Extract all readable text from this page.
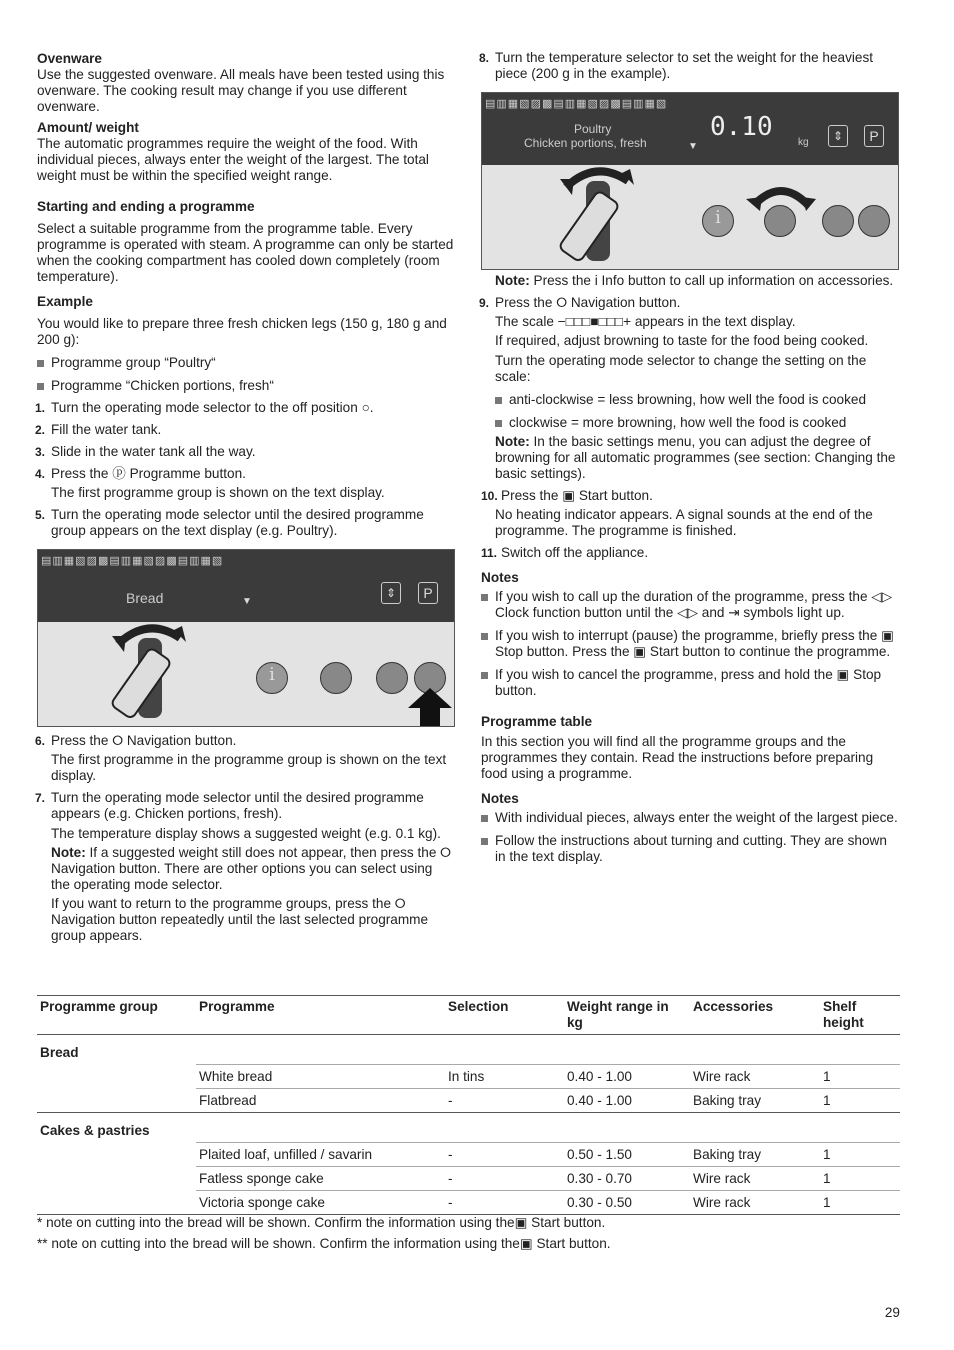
Ovenware

Use the suggested ovenware. All meals have been tested using this ovenware. The cooking result may change if you use different ovenware.

Amount/ weight

The automatic programmes require the weight of the food. With individual pieces, always enter the weight of the largest. The total weight must be within the specified weight range.

Starting and ending a programme

Select a suitable programme from the programme table. Every programme is operated with steam. A programme can only be started when the cooking compartment has cooled down completely (room temperature).

Example

You would like to prepare three fresh chicken legs (150 g, 180 g and 200 g):

Programme group “Poultry“
Programme “Chicken portions, fresh“
1. Turn the operating mode selector to the off position ○.
2. Fill the water tank.
3. Slide in the water tank all the way.
4. Press the ⓟ Programme button.
The first programme group is shown on the text display.
5. Turn the operating mode selector until the desired programme group appears on the text display (e.g. Poultry).
▤▥▦▧▨▩▤▥▦▧▨▩▤▥▦▧
Bread	▼
⇕	P
i
6. Press the ⭘ Navigation button.
The first programme in the programme group is shown on the text display.
7. Turn the operating mode selector until the desired programme appears (e.g. Chicken portions, fresh).
The temperature display shows a suggested weight (e.g. 0.1 kg).
Note: If a suggested weight still does not appear, then press the ⭘ Navigation button. There are other options you can select using the operating mode selector.
If you want to return to the programme groups, press the ⭘ Navigation button repeatedly until the last selected programme group appears.
8. Turn the temperature selector to set the weight for the heaviest piece (200 g in the example).
▤▥▦▧▨▩▤▥▦▧▨▩▤▥▦▧
Poultry
Chicken portions, fresh	▼
0.10
kg	⇕	P
i
Note: Press the i Info button to call up information on accessories.
9. Press the ⭘ Navigation button.
The scale −□□□■□□□+ appears in the text display.
If required, adjust browning to taste for the food being cooked.
Turn the operating mode selector to change the setting on the scale:
anti-clockwise = less browning, how well the food is cooked
clockwise = more browning, how well the food is cooked
Note: In the basic settings menu, you can adjust the degree of browning for all automatic programmes (see section: Changing the basic settings).
10. Press the ▣ Start button.
No heating indicator appears. A signal sounds at the end of the programme. The programme is finished.
11. Switch off the appliance.
Notes
If you wish to call up the duration of the programme, press the ◁▷ Clock function button until the ◁▷ and ⇥ symbols light up.
If you wish to interrupt (pause) the programme, briefly press the ▣ Stop button. Press the ▣ Start button to continue the programme.
If you wish to cancel the programme, press and hold the ▣ Stop button.
Programme table

In this section you will find all the programme groups and the programmes they contain. Read the instructions before preparing food using a programme.

Notes
With individual pieces, always enter the weight of the largest piece.
Follow the instructions about turning and cutting. They are shown in the text display.
Programme group	Programme	Selection	Weight range in kg	Accessories	Shelf height
Bread					
	White bread	In tins	0.40 - 1.00	Wire rack	1
	Flatbread	-	0.40 - 1.00	Baking tray	1
Cakes & pastries					
	Plaited loaf, unfilled / savarin	-	0.50 - 1.50	Baking tray	1
	Fatless sponge cake	-	0.30 - 0.70	Wire rack	1
	Victoria sponge cake	-	0.30 - 0.50	Wire rack	1
* note on cutting into the bread will be shown. Confirm the information using the▣ Start button.
** note on cutting into the bread will be shown. Confirm the information using the▣ Start button.
29
